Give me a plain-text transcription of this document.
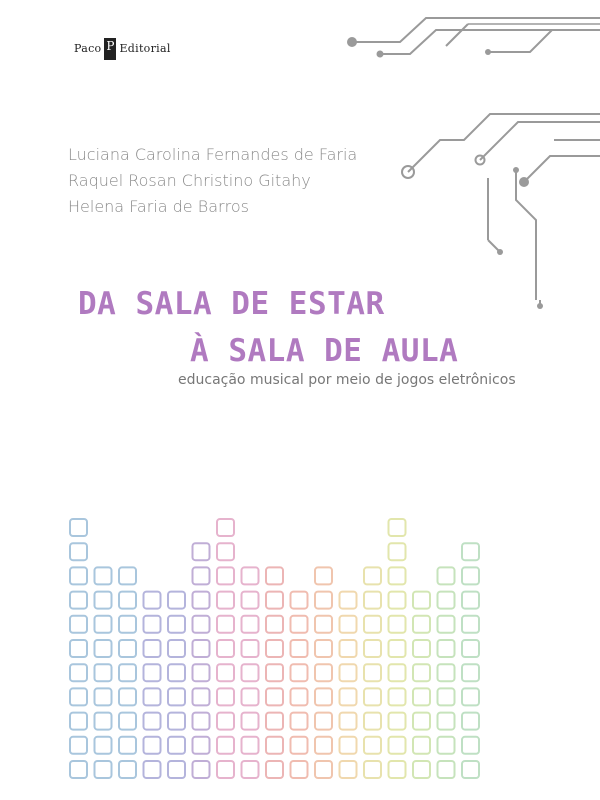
Paco P Editorial
Luciana Carolina Fernandes de Faria
Raquel Rosan Christino Gitahy
Helena Faria de Barros
DA SALA DE ESTAR
À SALA DE AULA
educação musical por meio de jogos eletrônicos
